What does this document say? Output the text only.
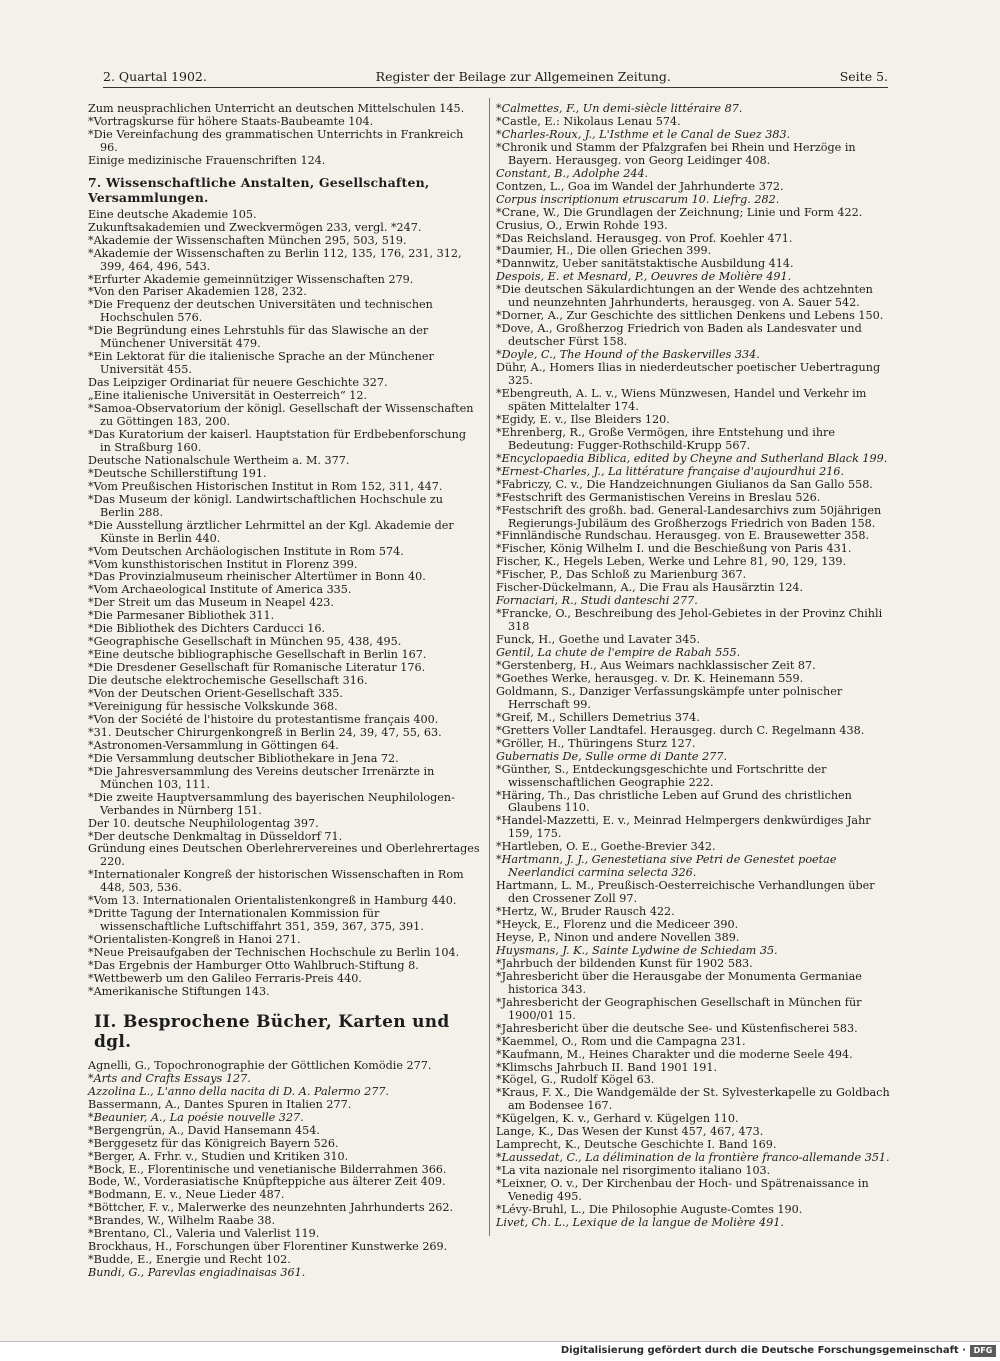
2. Quartal 1902.	Register der Beilage zur Allgemeinen Zeitung.	Seite 5.
Zum neusprachlichen Unterricht an deutschen Mittelschulen 145.
*Vortragskurse für höhere Staats-Baubeamte 104.
*Die Vereinfachung des grammatischen Unterrichts in Frankreich 96.
Einige medizinische Frauenschriften 124.
7. Wissenschaftliche Anstalten, Gesellschaften, Versammlungen.
Eine deutsche Akademie 105.
Zukunftsakademien und Zweckvermögen 233, vergl. *247.
*Akademie der Wissenschaften München 295, 503, 519.
*Akademie der Wissenschaften zu Berlin 112, 135, 176, 231, 312, 399, 464, 496, 543.
*Erfurter Akademie gemeinnütziger Wissenschaften 279.
*Von den Pariser Akademien 128, 232.
*Die Frequenz der deutschen Universitäten und technischen Hochschulen 576.
*Die Begründung eines Lehrstuhls für das Slawische an der Münchener Universität 479.
*Ein Lektorat für die italienische Sprache an der Münchener Universität 455.
Das Leipziger Ordinariat für neuere Geschichte 327.
„Eine italienische Universität in Oesterreich“ 12.
*Samoa-Observatorium der königl. Gesellschaft der Wissenschaften zu Göttingen 183, 200.
*Das Kuratorium der kaiserl. Hauptstation für Erdbebenforschung in Straßburg 160.
Deutsche Nationalschule Wertheim a. M. 377.
*Deutsche Schillerstiftung 191.
*Vom Preußischen Historischen Institut in Rom 152, 311, 447.
*Das Museum der königl. Landwirtschaftlichen Hochschule zu Berlin 288.
*Die Ausstellung ärztlicher Lehrmittel an der Kgl. Akademie der Künste in Berlin 440.
*Vom Deutschen Archäologischen Institute in Rom 574.
*Vom kunsthistorischen Institut in Florenz 399.
*Das Provinzialmuseum rheinischer Altertümer in Bonn 40.
*Vom Archaeological Institute of America 335.
*Der Streit um das Museum in Neapel 423.
*Die Parmesaner Bibliothek 311.
*Die Bibliothek des Dichters Carducci 16.
*Geographische Gesellschaft in München 95, 438, 495.
*Eine deutsche bibliographische Gesellschaft in Berlin 167.
*Die Dresdener Gesellschaft für Romanische Literatur 176.
Die deutsche elektrochemische Gesellschaft 316.
*Von der Deutschen Orient-Gesellschaft 335.
*Vereinigung für hessische Volkskunde 368.
*Von der Société de l'histoire du protestantisme français 400.
*31. Deutscher Chirurgenkongreß in Berlin 24, 39, 47, 55, 63.
*Astronomen-Versammlung in Göttingen 64.
*Die Versammlung deutscher Bibliothekare in Jena 72.
*Die Jahresversammlung des Vereins deutscher Irrenärzte in München 103, 111.
*Die zweite Hauptversammlung des bayerischen Neuphilologen-Verbandes in Nürnberg 151.
Der 10. deutsche Neuphilologentag 397.
*Der deutsche Denkmaltag in Düsseldorf 71.
Gründung eines Deutschen Oberlehrervereines und Oberlehrertages 220.
*Internationaler Kongreß der historischen Wissenschaften in Rom 448, 503, 536.
*Vom 13. Internationalen Orientalistenkongreß in Hamburg 440.
*Dritte Tagung der Internationalen Kommission für wissenschaftliche Luftschiffahrt 351, 359, 367, 375, 391.
*Orientalisten-Kongreß in Hanoi 271.
*Neue Preisaufgaben der Technischen Hochschule zu Berlin 104.
*Das Ergebnis der Hamburger Otto Wahlbruch-Stiftung 8.
*Wettbewerb um den Galileo Ferraris-Preis 440.
*Amerikanische Stiftungen 143.
II. Besprochene Bücher, Karten und dgl.
Agnelli, G., Topochronographie der Göttlichen Komödie 277.
*Arts and Crafts Essays 127.
Azzolina L., L'anno della nacita di D. A. Palermo 277.
Bassermann, A., Dantes Spuren in Italien 277.
*Beaunier, A., La poésie nouvelle 327.
*Bergengrün, A., David Hansemann 454.
*Berggesetz für das Königreich Bayern 526.
*Berger, A. Frhr. v., Studien und Kritiken 310.
*Bock, E., Florentinische und venetianische Bilderrahmen 366.
Bode, W., Vorderasiatische Knüpfteppiche aus älterer Zeit 409.
*Bodmann, E. v., Neue Lieder 487.
*Böttcher, F. v., Malerwerke des neunzehnten Jahrhunderts 262.
*Brandes, W., Wilhelm Raabe 38.
*Brentano, Cl., Valeria und Valerlist 119.
Brockhaus, H., Forschungen über Florentiner Kunstwerke 269.
*Budde, E., Energie und Recht 102.
Bundi, G., Parevlas engiadinaisas 361.
*Calmettes, F., Un demi-siècle littéraire 87.
*Castle, E.: Nikolaus Lenau 574.
*Charles-Roux, J., L'Isthme et le Canal de Suez 383.
*Chronik und Stamm der Pfalzgrafen bei Rhein und Herzöge in Bayern. Herausgeg. von Georg Leidinger 408.
Constant, B., Adolphe 244.
Contzen, L., Goa im Wandel der Jahrhunderte 372.
Corpus inscriptionum etruscarum 10. Liefrg. 282.
*Crane, W., Die Grundlagen der Zeichnung; Linie und Form 422.
Crusius, O., Erwin Rohde 193.
*Das Reichsland. Herausgeg. von Prof. Koehler 471.
*Daumier, H., Die ollen Griechen 399.
*Dannwitz, Ueber sanitätstaktische Ausbildung 414.
Despois, E. et Mesnard, P., Oeuvres de Molière 491.
*Die deutschen Säkulardichtungen an der Wende des achtzehnten und neunzehnten Jahrhunderts, herausgeg. von A. Sauer 542.
*Dorner, A., Zur Geschichte des sittlichen Denkens und Lebens 150.
*Dove, A., Großherzog Friedrich von Baden als Landesvater und deutscher Fürst 158.
*Doyle, C., The Hound of the Baskervilles 334.
Dühr, A., Homers Ilias in niederdeutscher poetischer Uebertragung 325.
*Ebengreuth, A. L. v., Wiens Münzwesen, Handel und Verkehr im späten Mittelalter 174.
*Egidy, E. v., Ilse Bleiders 120.
*Ehrenberg, R., Große Vermögen, ihre Entstehung und ihre Bedeutung: Fugger-Rothschild-Krupp 567.
*Encyclopaedia Biblica, edited by Cheyne and Sutherland Black 199.
*Ernest-Charles, J., La littérature française d'aujourdhui 216.
*Fabriczy, C. v., Die Handzeichnungen Giulianos da San Gallo 558.
*Festschrift des Germanistischen Vereins in Breslau 526.
*Festschrift des großh. bad. General-Landesarchivs zum 50jährigen Regierungs-Jubiläum des Großherzogs Friedrich von Baden 158.
*Finnländische Rundschau. Herausgeg. von E. Brausewetter 358.
*Fischer, König Wilhelm I. und die Beschießung von Paris 431.
Fischer, K., Hegels Leben, Werke und Lehre 81, 90, 129, 139.
*Fischer, P., Das Schloß zu Marienburg 367.
Fischer-Dückelmann, A., Die Frau als Hausärztin 124.
Fornaciari, R., Studi danteschi 277.
*Francke, O., Beschreibung des Jehol-Gebietes in der Provinz Chihli 318
Funck, H., Goethe und Lavater 345.
Gentil, La chute de l'empire de Rabah 555.
*Gerstenberg, H., Aus Weimars nachklassischer Zeit 87.
*Goethes Werke, herausgeg. v. Dr. K. Heinemann 559.
Goldmann, S., Danziger Verfassungskämpfe unter polnischer Herrschaft 99.
*Greif, M., Schillers Demetrius 374.
*Gretters Voller Landtafel. Herausgeg. durch C. Regelmann 438.
*Gröller, H., Thüringens Sturz 127.
Gubernatis De, Sulle orme di Dante 277.
*Günther, S., Entdeckungsgeschichte und Fortschritte der wissenschaftlichen Geographie 222.
*Häring, Th., Das christliche Leben auf Grund des christlichen Glaubens 110.
*Handel-Mazzetti, E. v., Meinrad Helmpergers denkwürdiges Jahr 159, 175.
*Hartleben, O. E., Goethe-Brevier 342.
*Hartmann, J. J., Genestetiana sive Petri de Genestet poetae Neerlandici carmina selecta 326.
Hartmann, L. M., Preußisch-Oesterreichische Verhandlungen über den Crossener Zoll 97.
*Hertz, W., Bruder Rausch 422.
*Heyck, E., Florenz und die Mediceer 390.
Heyse, P., Ninon und andere Novellen 389.
Huysmans, J. K., Sainte Lydwine de Schiedam 35.
*Jahrbuch der bildenden Kunst für 1902 583.
*Jahresbericht über die Herausgabe der Monumenta Germaniae historica 343.
*Jahresbericht der Geographischen Gesellschaft in München für 1900/01 15.
*Jahresbericht über die deutsche See- und Küstenfischerei 583.
*Kaemmel, O., Rom und die Campagna 231.
*Kaufmann, M., Heines Charakter und die moderne Seele 494.
*Klimschs Jahrbuch II. Band 1901 191.
*Kögel, G., Rudolf Kögel 63.
*Kraus, F. X., Die Wandgemälde der St. Sylvesterkapelle zu Goldbach am Bodensee 167.
*Kügelgen, K. v., Gerhard v. Kügelgen 110.
Lange, K., Das Wesen der Kunst 457, 467, 473.
Lamprecht, K., Deutsche Geschichte I. Band 169.
*Laussedat, C., La délimination de la frontière franco-allemande 351.
*La vita nazionale nel risorgimento italiano 103.
*Leixner, O. v., Der Kirchenbau der Hoch- und Spätrenaissance in Venedig 495.
*Lévy-Bruhl, L., Die Philosophie Auguste-Comtes 190.
Livet, Ch. L., Lexique de la langue de Molière 491.
Digitalisierung gefördert durch die Deutsche Forschungsgemeinschaft · DFG
